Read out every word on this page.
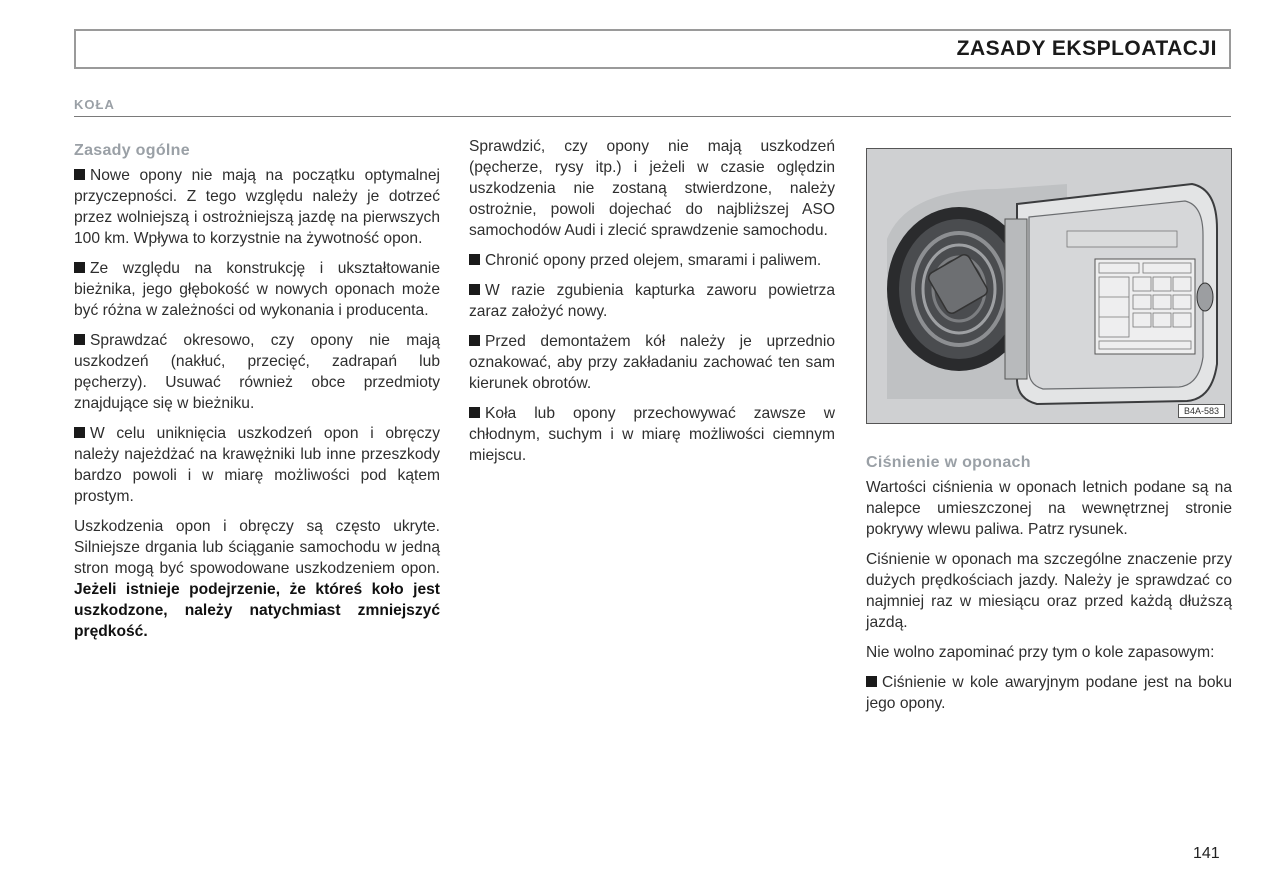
ZASADY EKSPLOATACJI
KOŁA
Zasady ogólne

Nowe opony nie mają na początku optymalnej przyczepności. Z tego względu należy je dotrzeć przez wolniejszą i ostrożniejszą jazdę na pierwszych 100 km. Wpływa to korzystnie na żywotność opon.

Ze względu na konstrukcję i ukształtowanie bieżnika, jego głębokość w nowych oponach może być różna w zależności od wykonania i producenta.

Sprawdzać okresowo, czy opony nie mają uszkodzeń (nakłuć, przecięć, zadrapań lub pęcherzy). Usuwać również obce przedmioty znajdujące się w bieżniku.

W celu uniknięcia uszkodzeń opon i obręczy należy najeżdżać na krawężniki lub inne przeszkody bardzo powoli i w miarę możliwości pod kątem prostym.

Uszkodzenia opon i obręczy są często ukryte. Silniejsze drgania lub ściąganie samochodu w jedną stron mogą być spowodowane uszkodzeniem opon. Jeżeli istnieje podejrzenie, że któreś koło jest uszkodzone, należy natychmiast zmniejszyć prędkość.

Sprawdzić, czy opony nie mają uszkodzeń (pęcherze, rysy itp.) i jeżeli w czasie oględzin uszkodzenia nie zostaną stwierdzone, należy ostrożnie, powoli dojechać do najbliższej ASO samochodów Audi i zlecić sprawdzenie samochodu.

Chronić opony przed olejem, smarami i paliwem.

W razie zgubienia kapturka zaworu powietrza zaraz założyć nowy.

Przed demontażem kół należy je uprzednio oznakować, aby przy zakładaniu zachować ten sam kierunek obrotów.

Koła lub opony przechowywać zawsze w chłodnym, suchym i w miarę możliwości ciemnym miejscu.

B4A-583
Ciśnienie w oponach

Wartości ciśnienia w oponach letnich podane są na nalepce umieszczonej na wewnętrznej stronie pokrywy wlewu paliwa. Patrz rysunek.

Ciśnienie w oponach ma szczególne znaczenie przy dużych prędkościach jazdy. Należy je sprawdzać co najmniej raz w miesiącu oraz przed każdą dłuższą jazdą.

Nie wolno zapominać przy tym o kole zapasowym:

Ciśnienie w kole awaryjnym podane jest na boku jego opony.

141
